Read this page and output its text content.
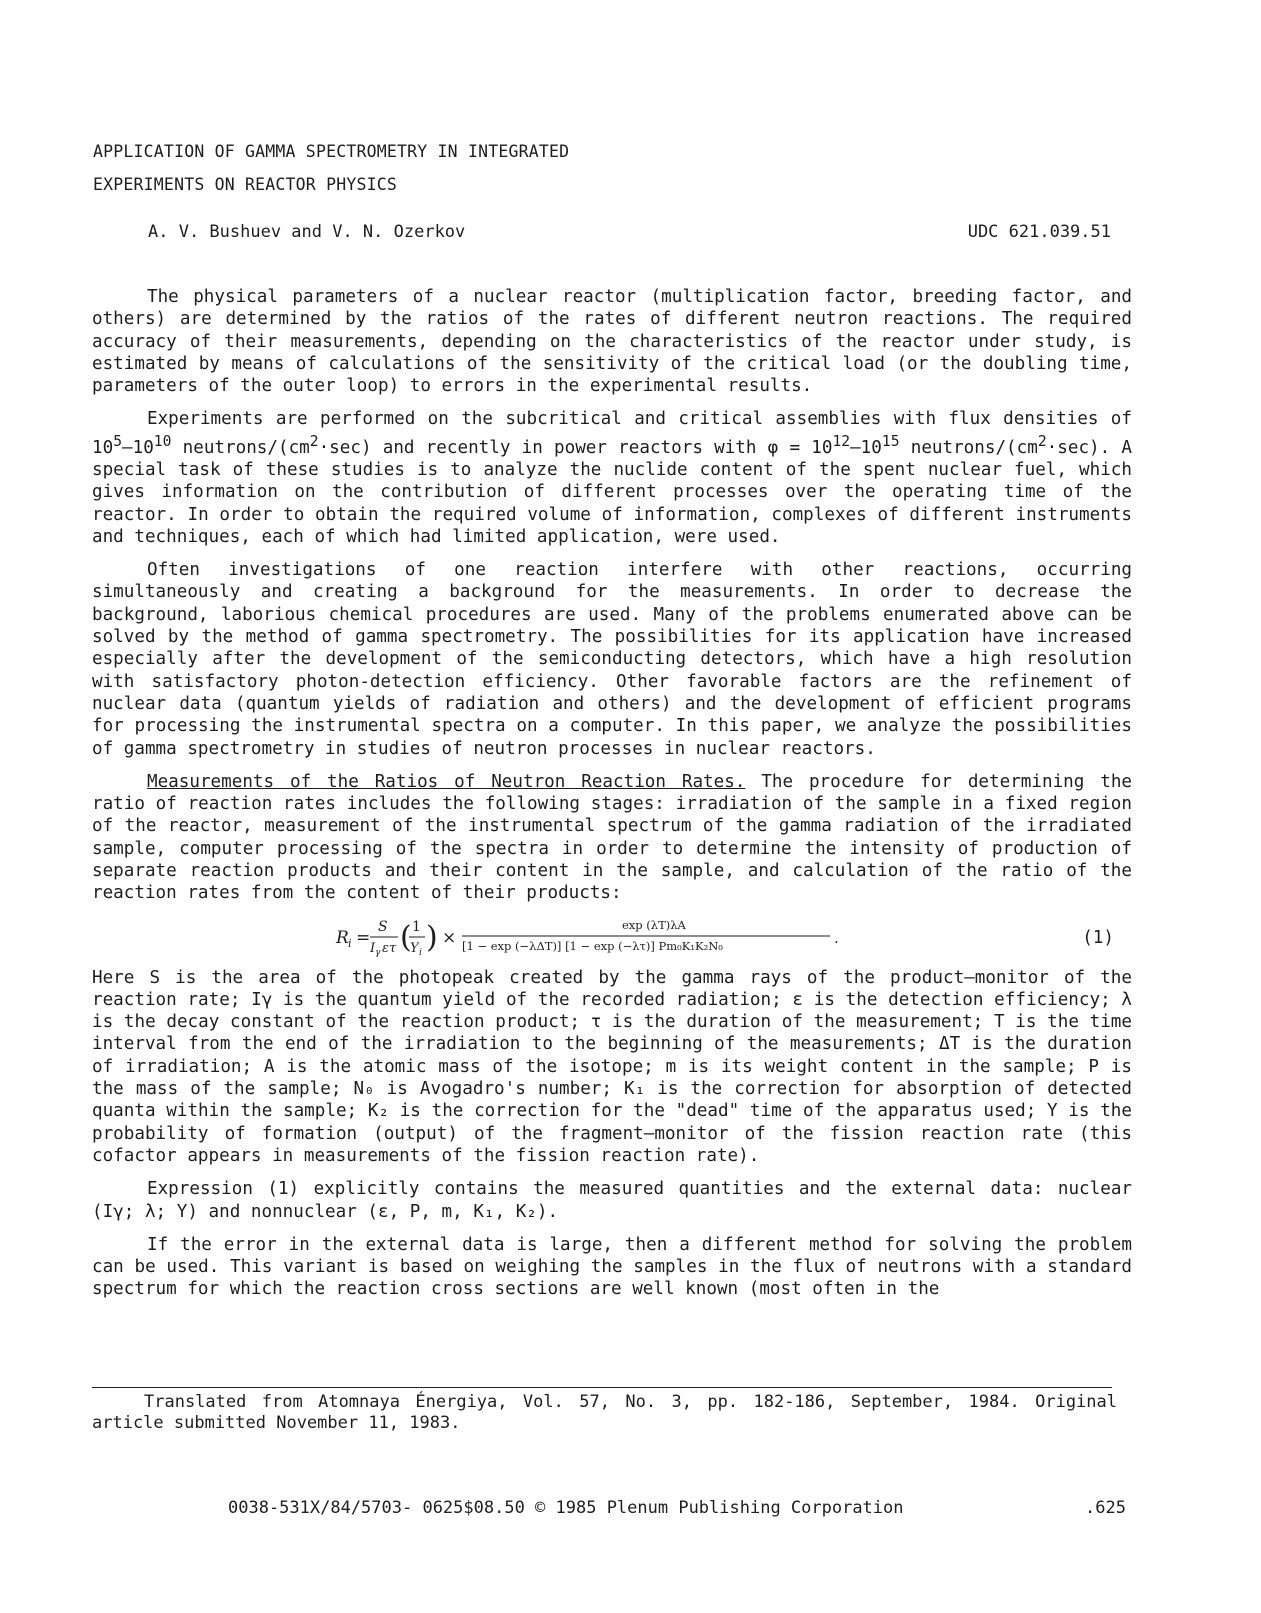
APPLICATION OF GAMMA SPECTROMETRY IN INTEGRATED
EXPERIMENTS ON REACTOR PHYSICS
A. V. Bushuev and V. N. Ozerkov	UDC 621.039.51

The physical parameters of a nuclear reactor (multiplication factor, breeding factor, and others) are determined by the ratios of the rates of different neutron reactions. The required accuracy of their measurements, depending on the characteristics of the reactor under study, is estimated by means of calculations of the sensitivity of the critical load (or the doubling time, parameters of the outer loop) to errors in the experimental results.

Experiments are performed on the subcritical and critical assemblies with flux densities of $10^5-10^{10}$ neutrons/$(cm^2\cdot\sec)$ and recently in power reactors with $\varphi = 10^{12}-10^{15}$ neutrons/$(cm^2\cdot\sec)$. A special task of these studies is to analyze the nuclide content of the spent nuclear fuel, which gives information on the contribution of different processes over the operating time of the reactor. In order to obtain the required volume of information, complexes of different instruments and techniques, each of which had limited application, were used.

Often investigations of one reaction interfere with other reactions, occurring simultaneously and creating a background for the measurements. In order to decrease the background, laborious chemical procedures are used. Many of the problems enumerated above can be solved by the method of gamma spectrometry. The possibilities for its application have increased especially after the development of the semiconducting detectors, which have a high resolution with satisfactory photon-detection efficiency. Other favorable factors are the refinement of nuclear data (quantum yields of radiation and others) and the development of efficient programs for processing the instrumental spectra on a computer. In this paper, we analyze the possibilities of gamma spectrometry in studies of neutron processes in nuclear reactors.

Measurements of the Ratios of Neutron Reaction Rates. The procedure for determining the ratio of reaction rates includes the following stages: irradiation of the sample in a fixed region of the reactor, measurement of the instrumental spectrum of the gamma radiation of the irradiated sample, computer processing of the spectra in order to determine the intensity of production of separate reaction products and their content in the sample, and calculation of the ratio of the reaction rates from the content of their products:

R i =
S
I γ ετ ( 1
Y i ) ×
exp (λT)λA
[1 − exp (−λΔT)] [1 − exp (−λτ)] Pm₀K₁K₂N₀	.	(1)

Here S is the area of the photopeak created by the gamma rays of the product–monitor of the reaction rate; Iγ is the quantum yield of the recorded radiation; ε is the detection efficiency; λ is the decay constant of the reaction product; τ is the duration of the measurement; T is the time interval from the end of the irradiation to the beginning of the measurements; ΔT is the duration of irradiation; A is the atomic mass of the isotope; m is its weight content in the sample; P is the mass of the sample; N₀ is Avogadro's number; K₁ is the correction for absorption of detected quanta within the sample; K₂ is the correction for the "dead" time of the apparatus used; Y is the probability of formation (output) of the fragment–monitor of the fission reaction rate (this cofactor appears in measurements of the fission reaction rate).

Expression (1) explicitly contains the measured quantities and the external data: nuclear (Iγ; λ; Y) and nonnuclear (ε, P, m, K₁, K₂).

If the error in the external data is large, then a different method for solving the problem can be used. This variant is based on weighing the samples in the flux of neutrons with a standard spectrum for which the reaction cross sections are well known (most often in the

Translated from Atomnaya Énergiya, Vol. 57, No. 3, pp. 182-186, September, 1984. Original article submitted November 11, 1983.
0038-531X/84/5703- 0625$08.50 © 1985 Plenum Publishing Corporation	.625
